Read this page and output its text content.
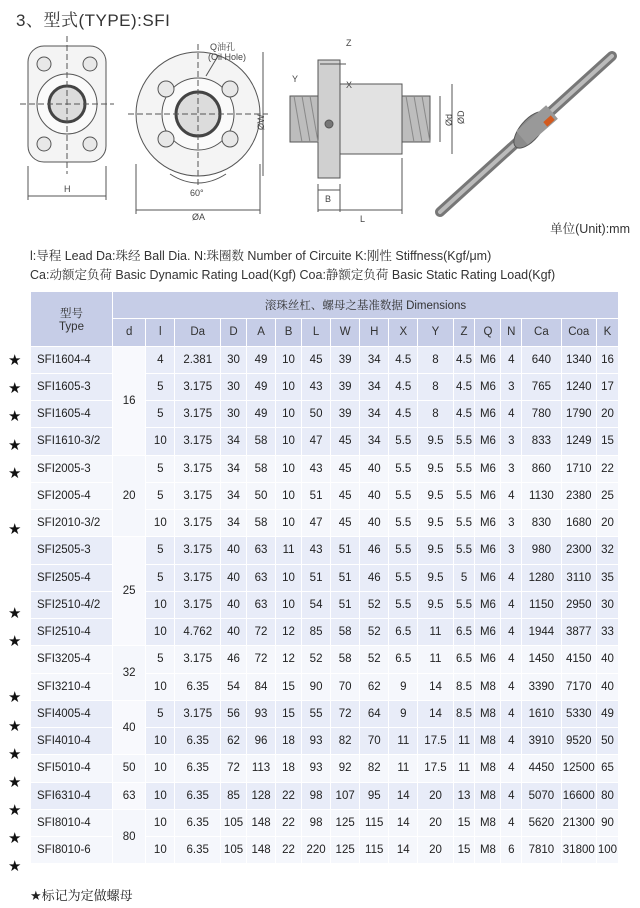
3、型式(TYPE):SFI
Q油孔
(Oil Hole)
H	60°
ØA
ØW
Z
Y
X
B
L
ØD
Ød
单位(Unit):mm
l:导程 Lead Da:珠经 Ball Dia. N:珠圈数 Number of Circuite K:刚性 Stiffness(Kgf/μm)
Ca:动额定负荷 Basic Dynamic Rating Load(Kgf) Coa:静额定负荷 Basic Static Rating Load(Kgf)
型号
Type	滚珠丝杠、螺母之基准数据 Dimensions																
	d	l	Da	D	A	B	L	W	H	X	Y	Z	Q	N	Ca	Coa	K
SFI1604-4	16	4	2.381	30	49	10	45	39	34	4.5	8	4.5	M6	4	640	1340	16
SFI1605-3		5	3.175	30	49	10	43	39	34	4.5	8	4.5	M6	3	765	1240	17
SFI1605-4		5	3.175	30	49	10	50	39	34	4.5	8	4.5	M6	4	780	1790	20
SFI1610-3/2		10	3.175	34	58	10	47	45	34	5.5	9.5	5.5	M6	3	833	1249	15
SFI2005-3	20	5	3.175	34	58	10	43	45	40	5.5	9.5	5.5	M6	3	860	1710	22
SFI2005-4		5	3.175	34	50	10	51	45	40	5.5	9.5	5.5	M6	4	1130	2380	25
SFI2010-3/2		10	3.175	34	58	10	47	45	40	5.5	9.5	5.5	M6	3	830	1680	20
SFI2505-3	25	5	3.175	40	63	11	43	51	46	5.5	9.5	5.5	M6	3	980	2300	32
SFI2505-4		5	3.175	40	63	10	51	51	46	5.5	9.5	5	M6	4	1280	3110	35
SFI2510-4/2		10	3.175	40	63	10	54	51	52	5.5	9.5	5.5	M6	4	1150	2950	30
SFI2510-4		10	4.762	40	72	12	85	58	52	6.5	11	6.5	M6	4	1944	3877	33
SFI3205-4	32	5	3.175	46	72	12	52	58	52	6.5	11	6.5	M6	4	1450	4150	40
SFI3210-4		10	6.35	54	84	15	90	70	62	9	14	8.5	M8	4	3390	7170	40
SFI4005-4	40	5	3.175	56	93	15	55	72	64	9	14	8.5	M8	4	1610	5330	49
SFI4010-4		10	6.35	62	96	18	93	82	70	11	17.5	11	M8	4	3910	9520	50
SFI5010-4	50	10	6.35	72	113	18	93	92	82	11	17.5	11	M8	4	4450	12500	65
SFI6310-4	63	10	6.35	85	128	22	98	107	95	14	20	13	M8	4	5070	16600	80
SFI8010-4	80	10	6.35	105	148	22	98	125	115	14	20	15	M8	4	5620	21300	90
SFI8010-6		10	6.35	105	148	22	220	125	115	14	20	15	M8	6	7810	31800	100
★
★
★
★
★
★
★
★
★
★
★
★
★
★
★
★标记为定做螺母
